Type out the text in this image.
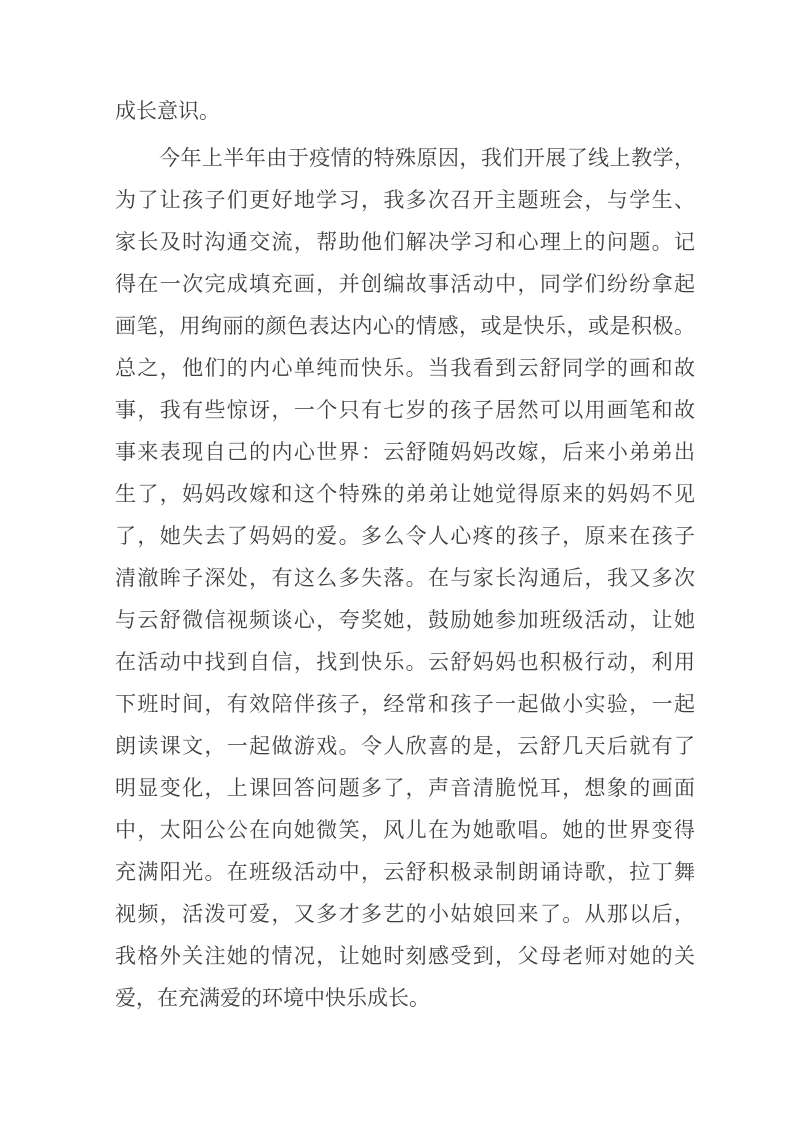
成长意识。
今年上半年由于疫情的特殊原因，我们开展了线上教学，
为了让孩子们更好地学习，我多次召开主题班会，与学生、
家长及时沟通交流，帮助他们解决学习和心理上的问题。记
得在一次完成填充画，并创编故事活动中，同学们纷纷拿起
画笔，用绚丽的颜色表达内心的情感，或是快乐，或是积极。
总之，他们的内心单纯而快乐。当我看到云舒同学的画和故
事，我有些惊讶，一个只有七岁的孩子居然可以用画笔和故
事来表现自己的内心世界：云舒随妈妈改嫁，后来小弟弟出
生了，妈妈改嫁和这个特殊的弟弟让她觉得原来的妈妈不见
了，她失去了妈妈的爱。多么令人心疼的孩子，原来在孩子
清澈眸子深处，有这么多失落。在与家长沟通后，我又多次
与云舒微信视频谈心，夸奖她，鼓励她参加班级活动，让她
在活动中找到自信，找到快乐。云舒妈妈也积极行动，利用
下班时间，有效陪伴孩子，经常和孩子一起做小实验，一起
朗读课文，一起做游戏。令人欣喜的是，云舒几天后就有了
明显变化，上课回答问题多了，声音清脆悦耳，想象的画面
中，太阳公公在向她微笑，风儿在为她歌唱。她的世界变得
充满阳光。在班级活动中，云舒积极录制朗诵诗歌，拉丁舞
视频，活泼可爱，又多才多艺的小姑娘回来了。从那以后，
我格外关注她的情况，让她时刻感受到，父母老师对她的关
爱，在充满爱的环境中快乐成长。
